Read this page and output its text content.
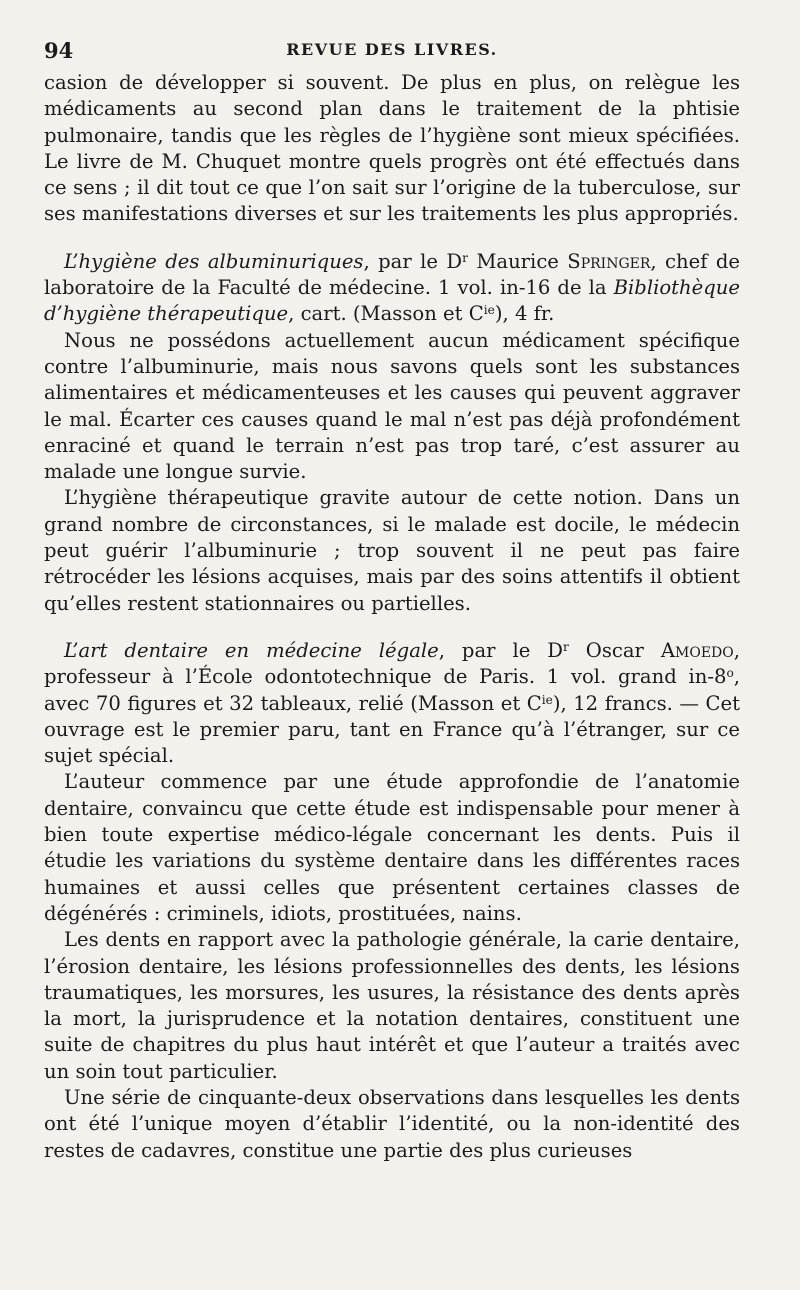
94	REVUE DES LIVRES.

casion de développer si souvent. De plus en plus, on relègue les médicaments au second plan dans le traitement de la phtisie pulmonaire, tandis que les règles de l’hygiène sont mieux spécifiées. Le livre de M. Chuquet montre quels progrès ont été effectués dans ce sens ; il dit tout ce que l’on sait sur l’origine de la tuberculose, sur ses manifestations diverses et sur les traitements les plus appropriés.

L’hygiène des albuminuriques, par le $D^r$ Maurice Springer, chef de laboratoire de la Faculté de médecine. 1 vol. in-16 de la Bibliothèque d’hygiène thérapeutique, cart. (Masson et $C^{ie}$), 4 fr.

Nous ne possédons actuellement aucun médicament spécifique contre l’albuminurie, mais nous savons quels sont les substances alimentaires et médicamenteuses et les causes qui peuvent aggraver le mal. Écarter ces causes quand le mal n’est pas déjà profondément enraciné et quand le terrain n’est pas trop taré, c’est assurer au malade une longue survie.

L’hygiène thérapeutique gravite autour de cette notion. Dans un grand nombre de circonstances, si le malade est docile, le médecin peut guérir l’albuminurie ; trop souvent il ne peut pas faire rétrocéder les lésions acquises, mais par des soins attentifs il obtient qu’elles restent stationnaires ou partielles.

L’art dentaire en médecine légale, par le $D^r$ Oscar Amoedo, professeur à l’École odontotechnique de Paris. 1 vol. grand in-8$^o$, avec 70 figures et 32 tableaux, relié (Masson et $C^{ie}$), 12 francs. — Cet ouvrage est le premier paru, tant en France qu’à l’étranger, sur ce sujet spécial.

L’auteur commence par une étude approfondie de l’anatomie dentaire, convaincu que cette étude est indispensable pour mener à bien toute expertise médico-légale concernant les dents. Puis il étudie les variations du système dentaire dans les différentes races humaines et aussi celles que présentent certaines classes de dégénérés : criminels, idiots, prostituées, nains.

Les dents en rapport avec la pathologie générale, la carie dentaire, l’érosion dentaire, les lésions professionnelles des dents, les lésions traumatiques, les morsures, les usures, la résistance des dents après la mort, la jurisprudence et la notation dentaires, constituent une suite de chapitres du plus haut intérêt et que l’auteur a traités avec un soin tout particulier.

Une série de cinquante-deux observations dans lesquelles les dents ont été l’unique moyen d’établir l’identité, ou la non-identité des restes de cadavres, constitue une partie des plus curieuses
